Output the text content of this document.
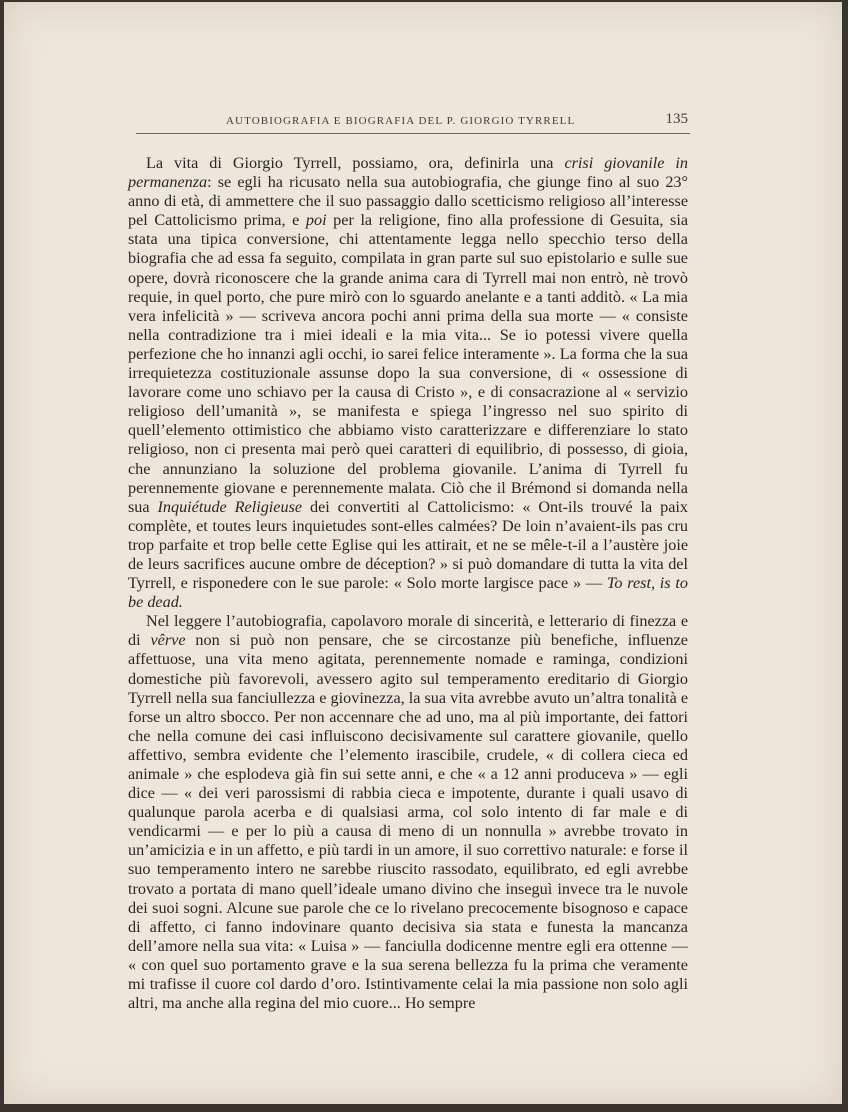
AUTOBIOGRAFIA E BIOGRAFIA DEL P. GIORGIO TYRRELL	135

La vita di Giorgio Tyrrell, possiamo, ora, definirla una crisi giovanile in permanenza: se egli ha ricusato nella sua autobiografia, che giunge fino al suo 23° anno di età, di ammettere che il suo passaggio dallo scetticismo religioso all’interesse pel Cattolicismo prima, e poi per la religione, fino alla professione di Gesuita, sia stata una tipica conversione, chi attentamente legga nello specchio terso della biografia che ad essa fa seguito, compilata in gran parte sul suo epistolario e sulle sue opere, dovrà riconoscere che la grande anima cara di Tyrrell mai non entrò, nè trovò requie, in quel porto, che pure mirò con lo sguardo anelante e a tanti additò. « La mia vera infelicità » — scriveva ancora pochi anni prima della sua morte — « consiste nella contradizione tra i miei ideali e la mia vita... Se io potessi vivere quella perfezione che ho innanzi agli occhi, io sarei felice interamente ». La forma che la sua irrequietezza costituzionale assunse dopo la sua conversione, di « ossessione di lavorare come uno schiavo per la causa di Cristo », e di consacrazione al « servizio religioso dell’umanità », se manifesta e spiega l’ingresso nel suo spirito di quell’elemento ottimistico che abbiamo visto caratterizzare e differenziare lo stato religioso, non ci presenta mai però quei caratteri di equilibrio, di possesso, di gioia, che annunziano la soluzione del problema giovanile. L’anima di Tyrrell fu perennemente giovane e perennemente malata. Ciò che il Brémond si domanda nella sua Inquiétude Religieuse dei convertiti al Cattolicismo: « Ont-ils trouvé la paix complète, et toutes leurs inquietudes sont-elles calmées? De loin n’avaient-ils pas cru trop parfaite et trop belle cette Eglise qui les attirait, et ne se mêle-t-il a l’austère joie de leurs sacrifices aucune ombre de déception? » si può domandare di tutta la vita del Tyrrell, e risponedere con le sue parole: « Solo morte largisce pace » — To rest, is to be dead.

Nel leggere l’autobiografia, capolavoro morale di sincerità, e letterario di finezza e di vêrve non si può non pensare, che se circostanze più benefiche, influenze affettuose, una vita meno agitata, perennemente nomade e raminga, condizioni domestiche più favorevoli, avessero agito sul temperamento ereditario di Giorgio Tyrrell nella sua fanciullezza e giovinezza, la sua vita avrebbe avuto un’altra tonalità e forse un altro sbocco. Per non accennare che ad uno, ma al più importante, dei fattori che nella comune dei casi influiscono decisivamente sul carattere giovanile, quello affettivo, sembra evidente che l’elemento irascibile, crudele, « di collera cieca ed animale » che esplodeva già fin sui sette anni, e che « a 12 anni produceva » — egli dice — « dei veri parossismi di rabbia cieca e impotente, durante i quali usavo di qualunque parola acerba e di qualsiasi arma, col solo intento di far male e di vendicarmi — e per lo più a causa di meno di un nonnulla » avrebbe trovato in un’amicizia e in un affetto, e più tardi in un amore, il suo correttivo naturale: e forse il suo temperamento intero ne sarebbe riuscito rassodato, equilibrato, ed egli avrebbe trovato a portata di mano quell’ideale umano divino che inseguì invece tra le nuvole dei suoi sogni. Alcune sue parole che ce lo rivelano precocemente bisognoso e capace di affetto, ci fanno indovinare quanto decisiva sia stata e funesta la mancanza dell’amore nella sua vita: « Luisa » — fanciulla dodicenne mentre egli era ottenne — « con quel suo portamento grave e la sua serena bellezza fu la prima che veramente mi trafisse il cuore col dardo d’oro. Istintivamente celai la mia passione non solo agli altri, ma anche alla regina del mio cuore... Ho sempre
